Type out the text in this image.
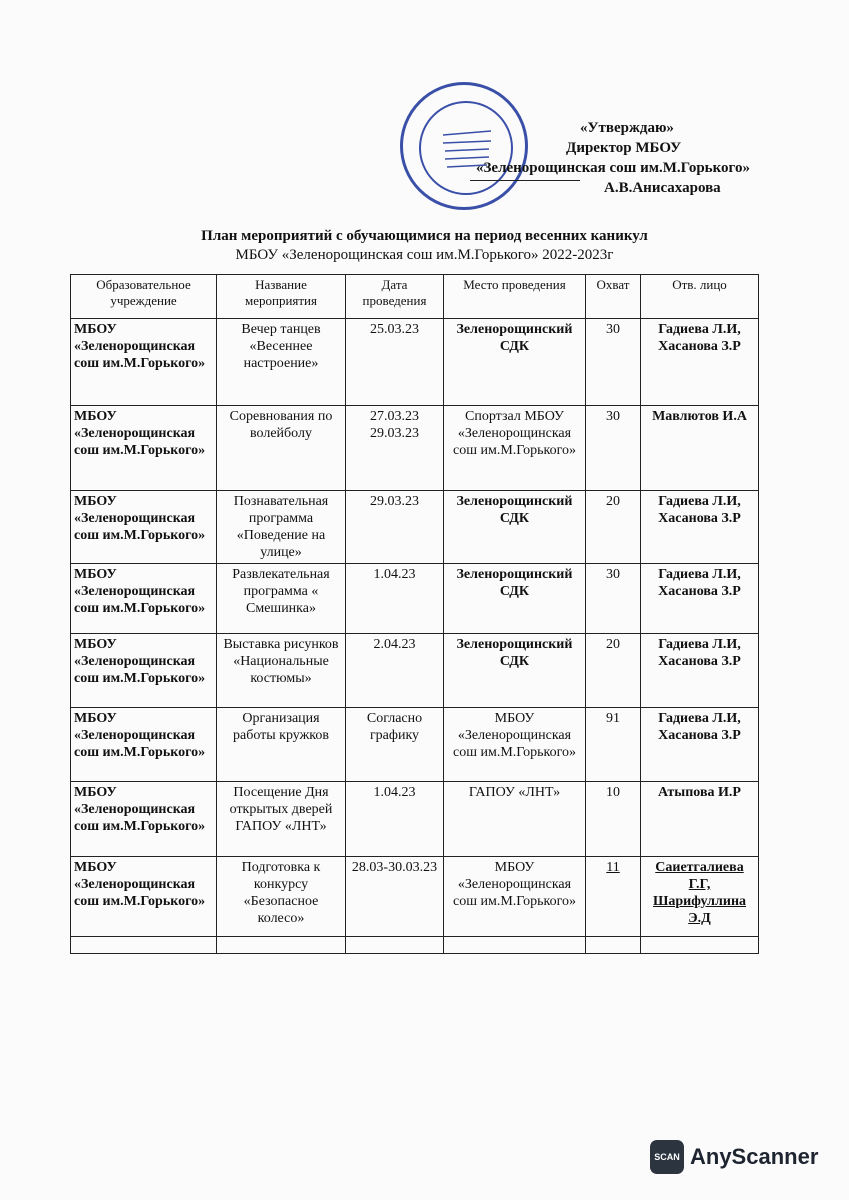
«Утверждаю»
Директор МБОУ
«Зеленорощинская сош им.М.Горького»
А.В.Анисахарова
План мероприятий с обучающимися на период весенних каникул
МБОУ «Зеленорощинская сош им.М.Горького» 2022-2023г
Образовательное учреждение	Название мероприятия	Дата проведения	Место проведения	Охват	Отв. лицо
МБОУ «Зеленорощинская сош им.М.Горького»	Вечер танцев «Весеннее настроение»	25.03.23	Зеленорощинский СДК	30	Гадиева Л.И, Хасанова З.Р
МБОУ «Зеленорощинская сош им.М.Горького»	Соревнования по волейболу	27.03.23 29.03.23	Спортзал МБОУ «Зеленорощинская сош им.М.Горького»	30	Мавлютов И.А
МБОУ «Зеленорощинская сош им.М.Горького»	Познавательная программа «Поведение на улице»	29.03.23	Зеленорощинский СДК	20	Гадиева Л.И, Хасанова З.Р
МБОУ «Зеленорощинская сош им.М.Горького»	Развлекательная программа « Смешинка»	1.04.23	Зеленорощинский СДК	30	Гадиева Л.И, Хасанова З.Р
МБОУ «Зеленорощинская сош им.М.Горького»	Выставка рисунков «Национальные костюмы»	2.04.23	Зеленорощинский СДК	20	Гадиева Л.И, Хасанова З.Р
МБОУ «Зеленорощинская сош им.М.Горького»	Организация работы кружков	Согласно графику	МБОУ «Зеленорощинская сош им.М.Горького»	91	Гадиева Л.И, Хасанова З.Р
МБОУ «Зеленорощинская сош им.М.Горького»	Посещение Дня открытых дверей ГАПОУ «ЛНТ»	1.04.23	ГАПОУ «ЛНТ»	10	Атыпова И.Р
МБОУ «Зеленорощинская сош им.М.Горького»	Подготовка к конкурсу «Безопасное колесо»	28.03-30.03.23	МБОУ «Зеленорощинская сош им.М.Горького»	11	Саиетгалиева Г.Г, Шарифуллина Э.Д

SCAN AnyScanner
